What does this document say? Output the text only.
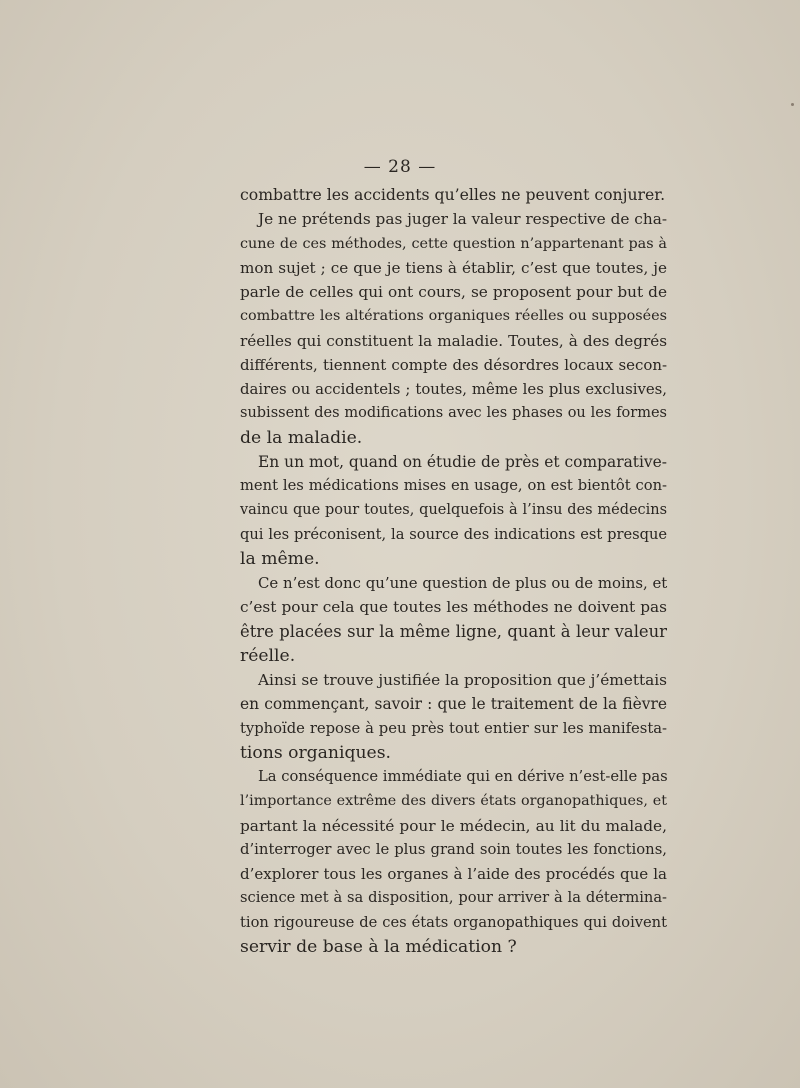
— 28 —
combattre les accidents qu’elles ne peuvent conjurer.
Je ne prétends pas juger la valeur respective de cha-
cune de ces méthodes, cette question n’appartenant pas à
mon sujet ; ce que je tiens à établir, c’est que toutes, je
parle de celles qui ont cours, se proposent pour but de
combattre les altérations organiques réelles ou supposées
réelles qui constituent la maladie. Toutes, à des degrés
différents, tiennent compte des désordres locaux secon-
daires ou accidentels ; toutes, même les plus exclusives,
subissent des modifications avec les phases ou les formes
de la maladie.
En un mot, quand on étudie de près et comparative-
ment les médications mises en usage, on est bientôt con-
vaincu que pour toutes, quelquefois à l’insu des médecins
qui les préconisent, la source des indications est presque
la même.
Ce n’est donc qu’une question de plus ou de moins, et
c’est pour cela que toutes les méthodes ne doivent pas
être placées sur la même ligne, quant à leur valeur
réelle.
Ainsi se trouve justifiée la proposition que j’émettais
en commençant, savoir : que le traitement de la fièvre
typhoïde repose à peu près tout entier sur les manifesta-
tions organiques.
La conséquence immédiate qui en dérive n’est-elle pas
l’importance extrême des divers états organopathiques, et
partant la nécessité pour le médecin, au lit du malade,
d’interroger avec le plus grand soin toutes les fonctions,
d’explorer tous les organes à l’aide des procédés que la
science met à sa disposition, pour arriver à la détermina-
tion rigoureuse de ces états organopathiques qui doivent
servir de base à la médication ?
